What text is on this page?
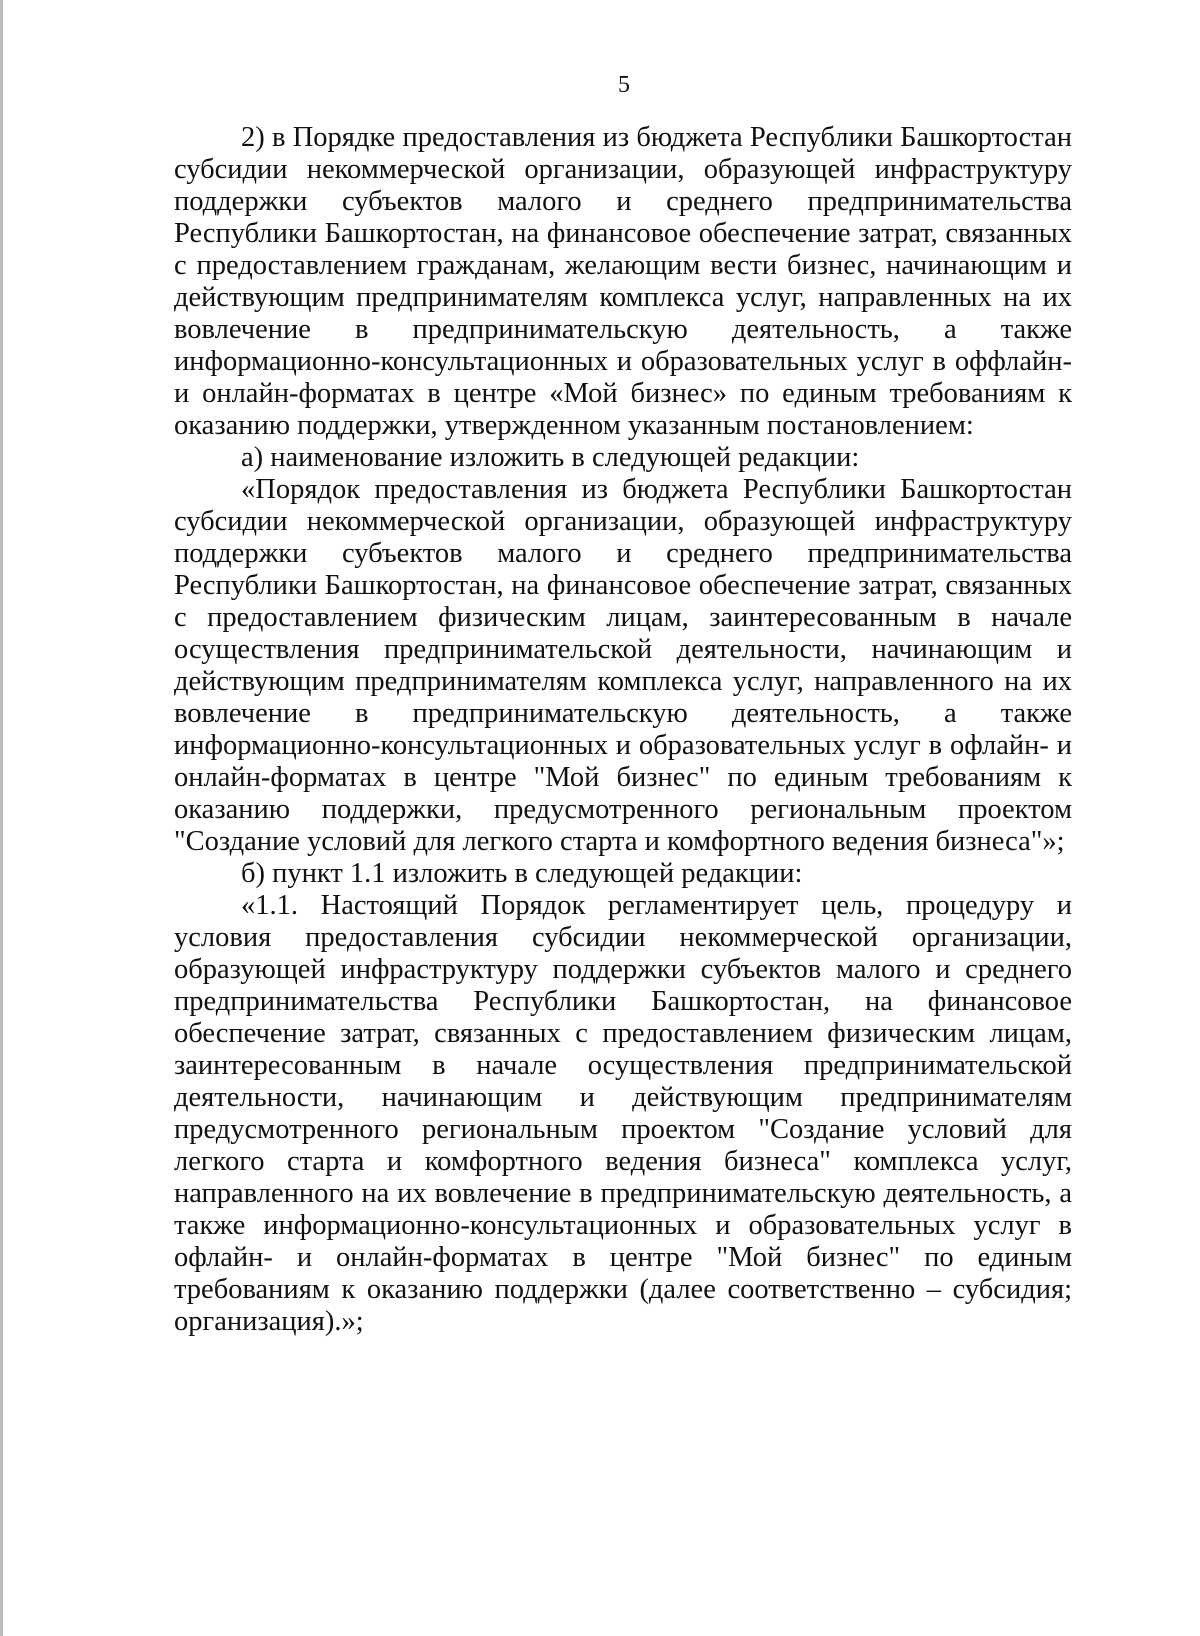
5

2) в Порядке предоставления из бюджета Республики Башкортостан субсидии некоммерческой организации, образующей инфраструктуру поддержки субъектов малого и среднего предпринимательства Республики Башкортостан, на финансовое обеспечение затрат, связанных с предоставлением гражданам, желающим вести бизнес, начинающим и действующим предпринимателям комплекса услуг, направленных на их вовлечение в предпринимательскую деятельность, а также информационно-консультационных и образовательных услуг в оффлайн- и онлайн-форматах в центре «Мой бизнес» по единым требованиям к оказанию поддержки, утвержденном указанным постановлением:

а) наименование изложить в следующей редакции:

«Порядок предоставления из бюджета Республики Башкортостан субсидии некоммерческой организации, образующей инфраструктуру поддержки субъектов малого и среднего предпринимательства Республики Башкортостан, на финансовое обеспечение затрат, связанных с предоставлением физическим лицам, заинтересованным в начале осуществления предпринимательской деятельности, начинающим и действующим предпринимателям комплекса услуг, направленного на их вовлечение в предпринимательскую деятельность, а также информационно-консультационных и образовательных услуг в офлайн- и онлайн-форматах в центре "Мой бизнес" по единым требованиям к оказанию поддержки, предусмотренного региональным проектом "Создание условий для легкого старта и комфортного ведения бизнеса"»;

б) пункт 1.1 изложить в следующей редакции:

«1.1. Настоящий Порядок регламентирует цель, процедуру и условия предоставления субсидии некоммерческой организации, образующей инфраструктуру поддержки субъектов малого и среднего предпринимательства Республики Башкортостан, на финансовое обеспечение затрат, связанных с предоставлением физическим лицам, заинтересованным в начале осуществления предпринимательской деятельности, начинающим и действующим предпринимателям предусмотренного региональным проектом "Создание условий для легкого старта и комфортного ведения бизнеса" комплекса услуг, направленного на их вовлечение в предпринимательскую деятельность, а также информационно-консультационных и образовательных услуг в офлайн- и онлайн-форматах в центре "Мой бизнес" по единым требованиям к оказанию поддержки (далее соответственно – субсидия; организация).»;
